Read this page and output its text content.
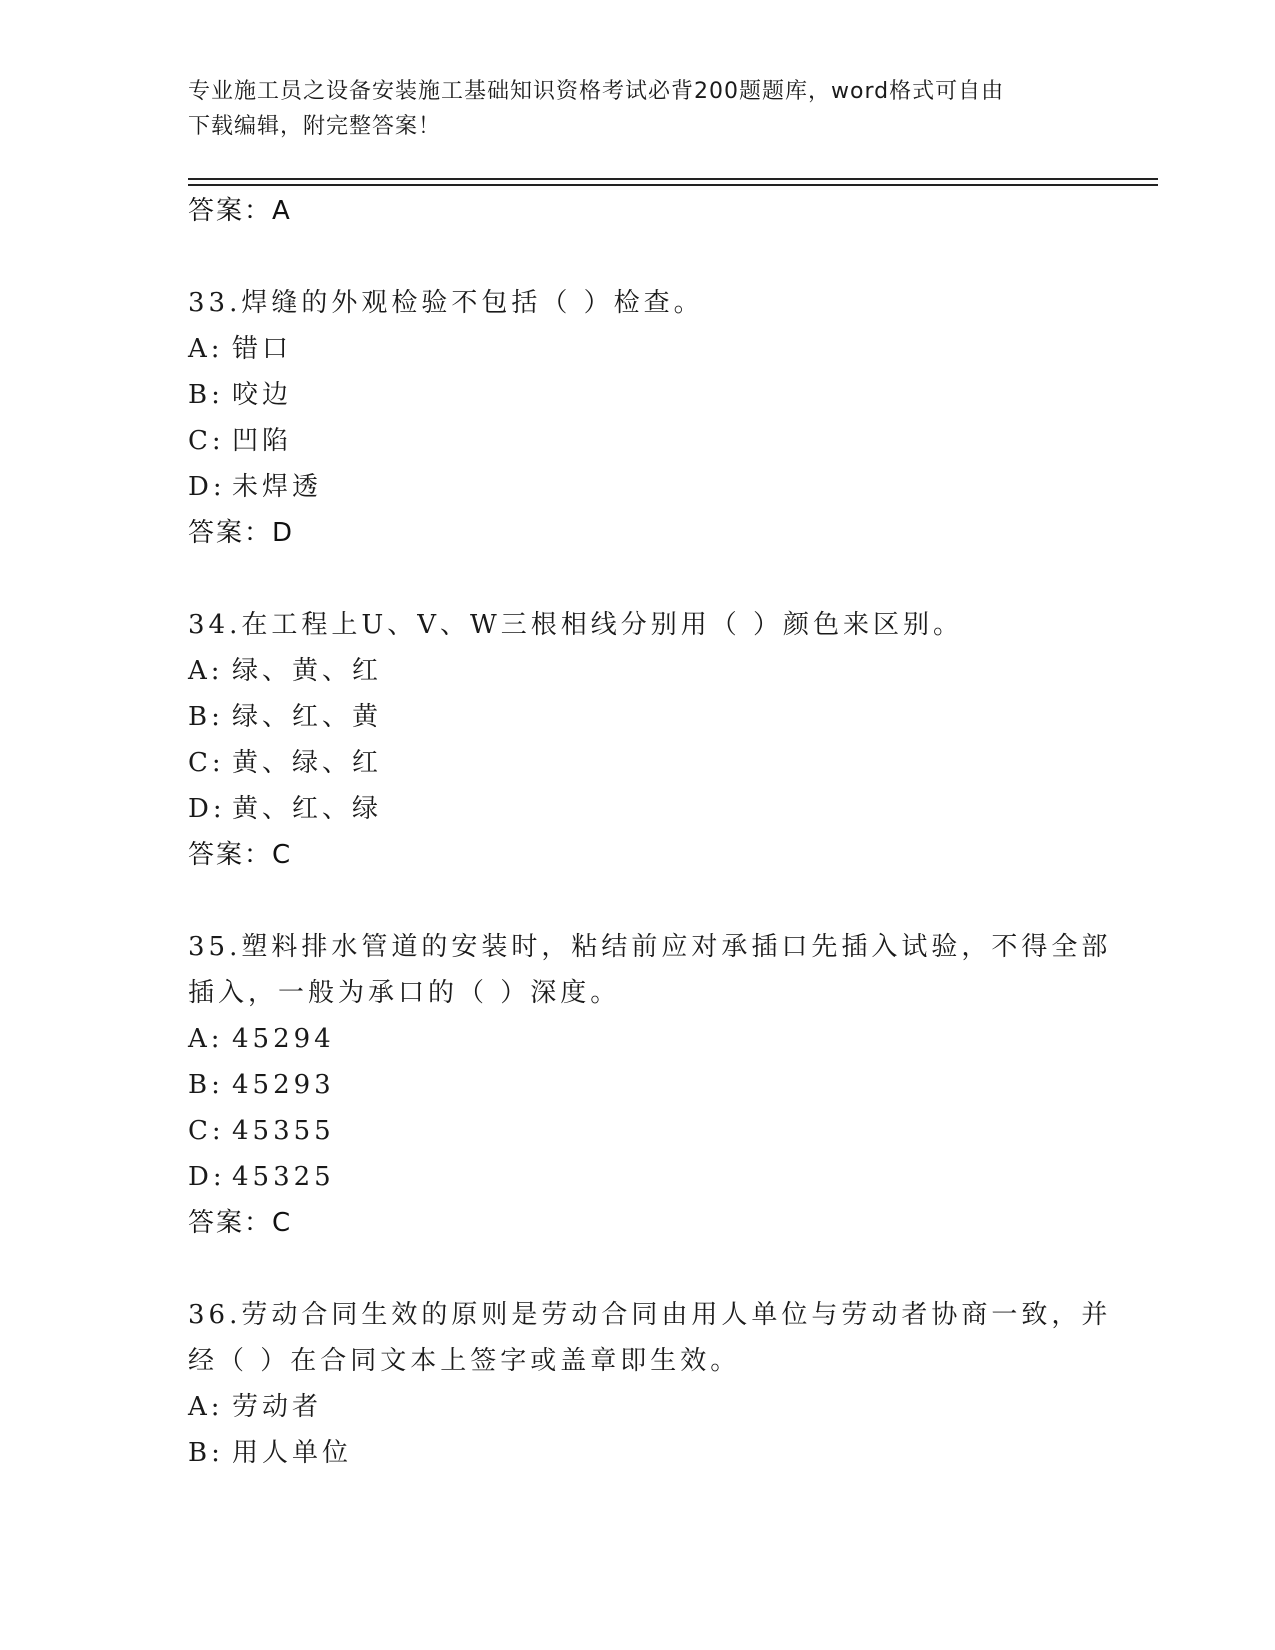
专业施工员之设备安装施工基础知识资格考试必背200题题库，word格式可自由
下载编辑，附完整答案！
答案：A
33.焊缝的外观检验不包括（ ）检查。
A: 错口
B: 咬边
C: 凹陷
D: 未焊透
答案：D
34.在工程上U、V、W三根相线分别用（ ）颜色来区别。
A: 绿、黄、红
B: 绿、红、黄
C: 黄、绿、红
D: 黄、红、绿
答案：C
35.塑料排水管道的安装时，粘结前应对承插口先插入试验，不得全部
插入，一般为承口的（ ）深度。
A: 45294
B: 45293
C: 45355
D: 45325
答案：C
36.劳动合同生效的原则是劳动合同由用人单位与劳动者协商一致，并
经（ ）在合同文本上签字或盖章即生效。
A: 劳动者
B: 用人单位
